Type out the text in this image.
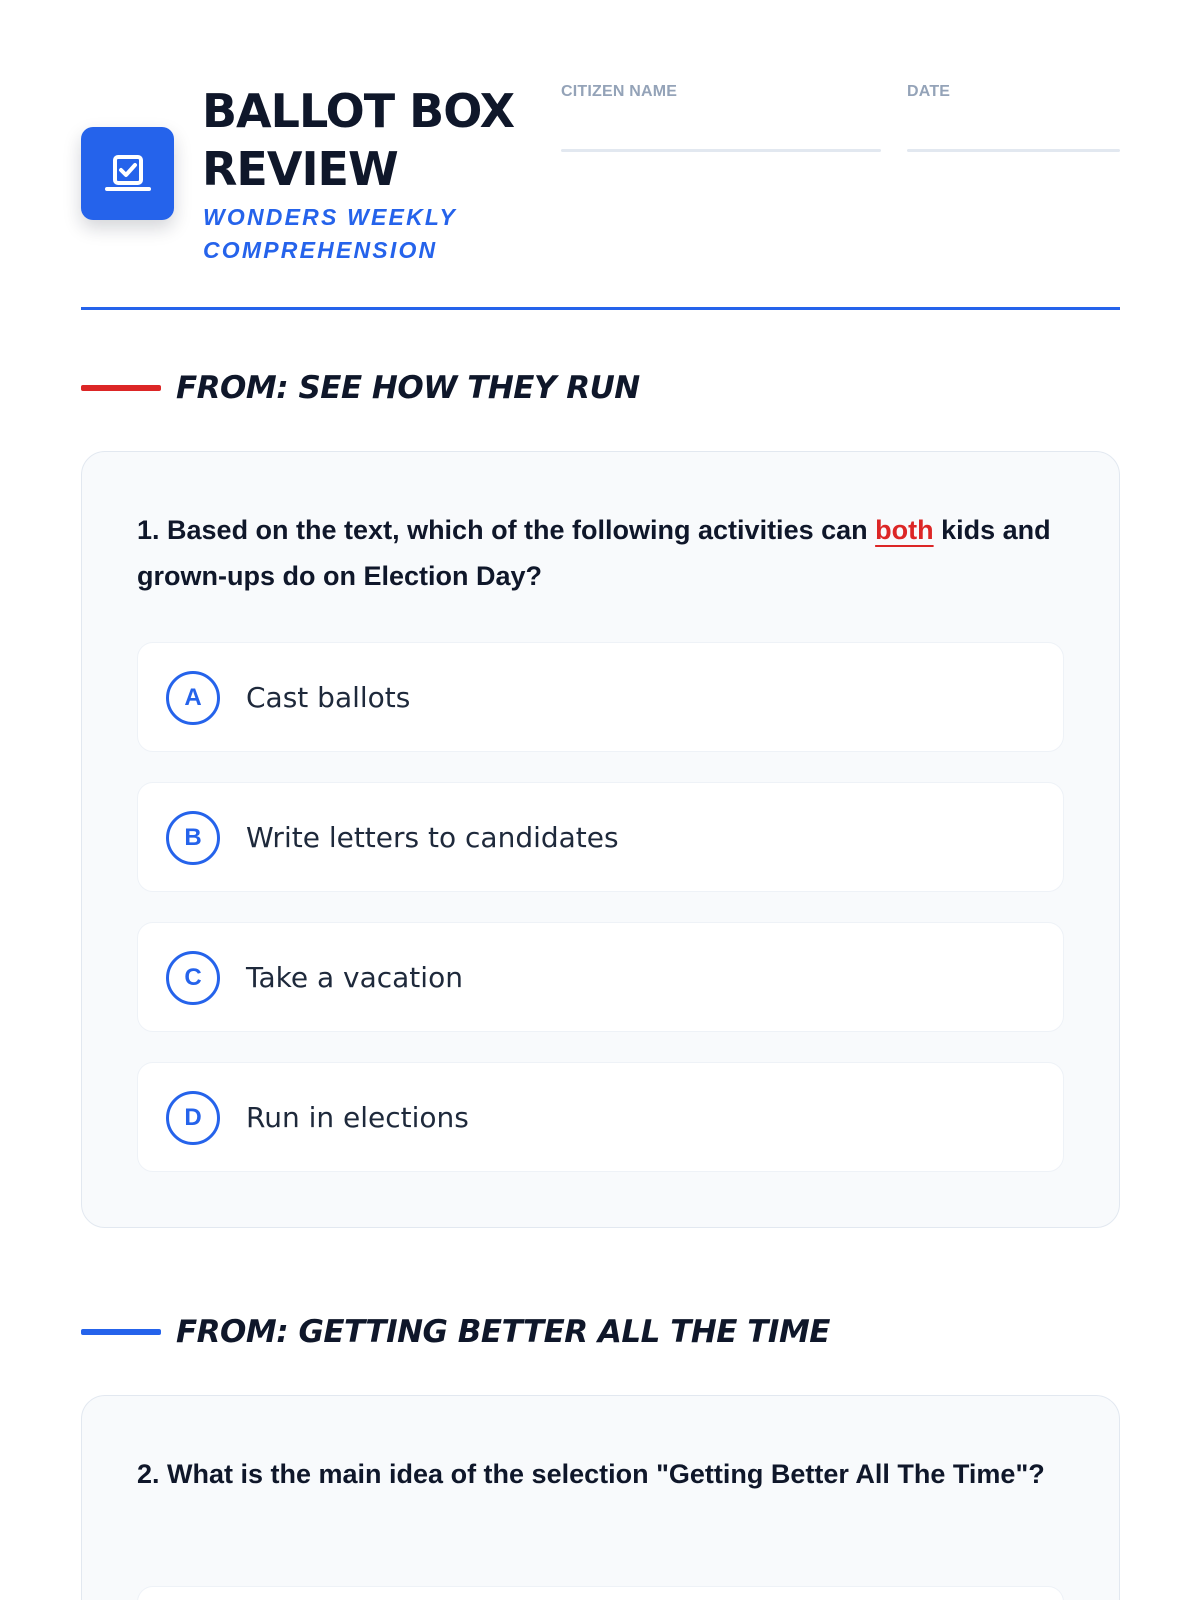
BALLOT BOX REVIEW
WONDERS WEEKLY COMPREHENSION
CITIZEN NAME	DATE
FROM: SEE HOW THEY RUN
1. Based on the text, which of the following activities can both kids and grown-ups do on Election Day?
A	Cast ballots
B	Write letters to candidates
C	Take a vacation
D	Run in elections
FROM: GETTING BETTER ALL THE TIME
2. What is the main idea of the selection "Getting Better All The Time"?
